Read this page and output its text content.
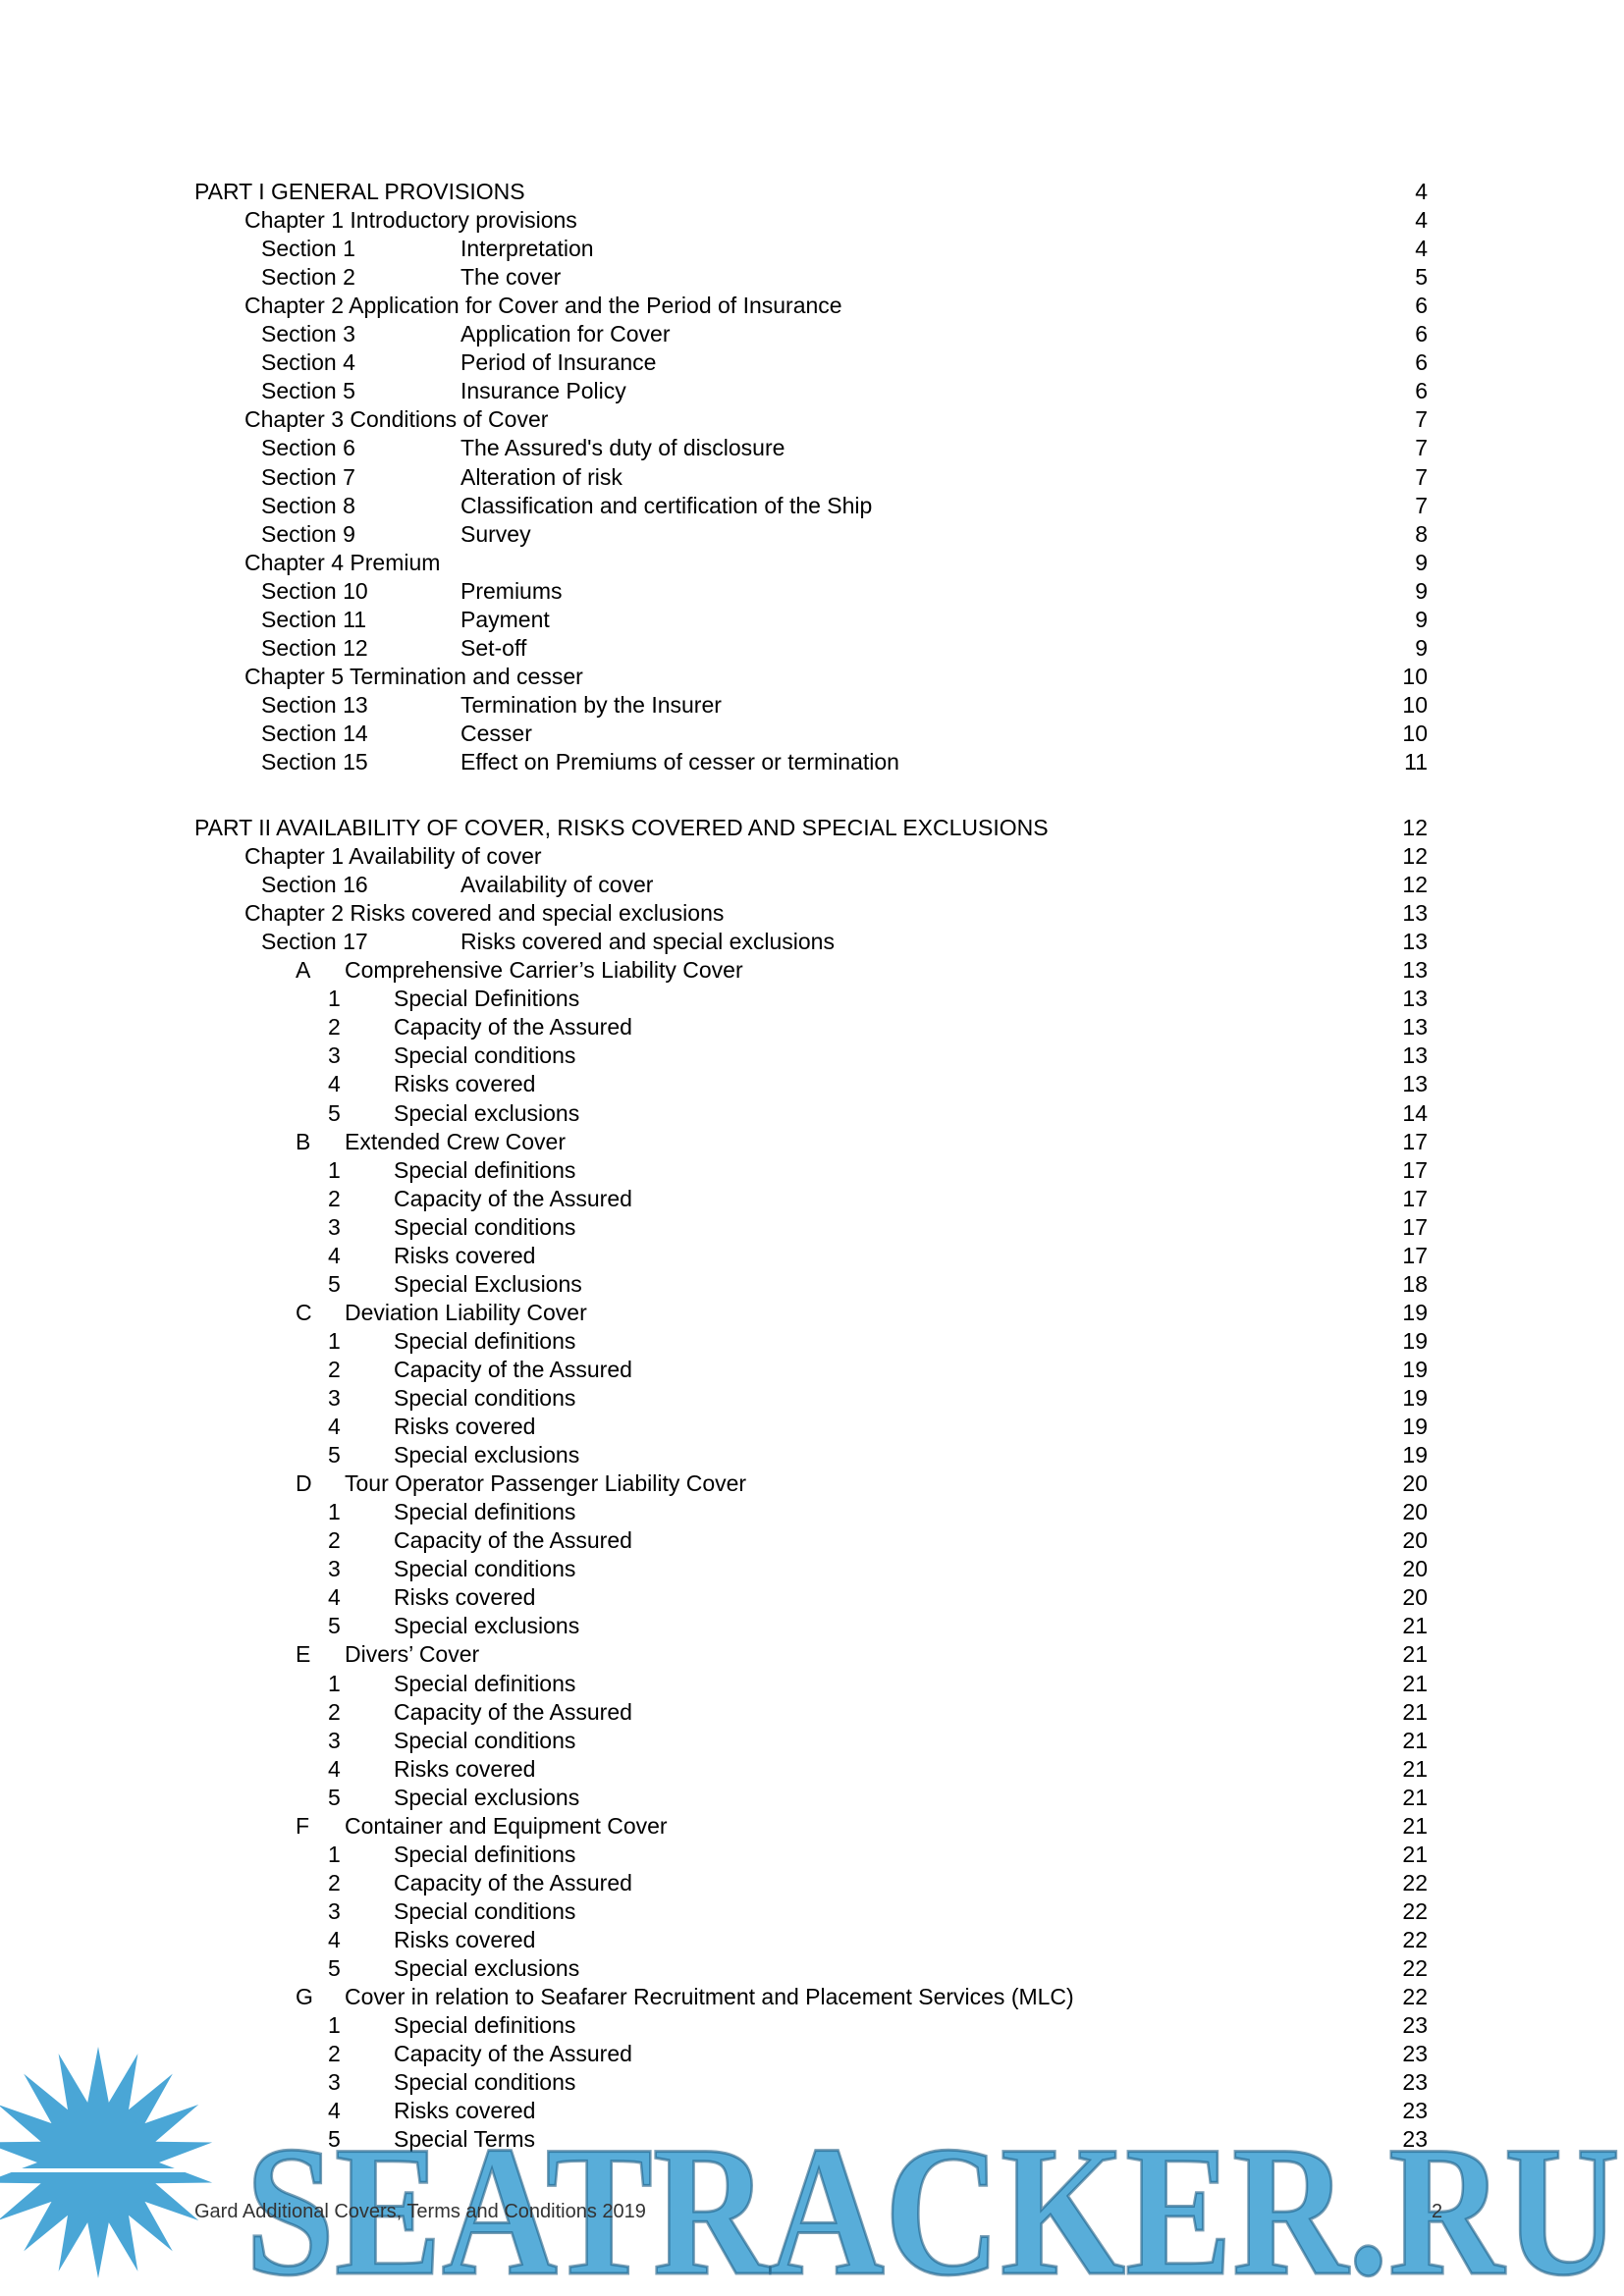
PART I GENERAL PROVISIONS	4
Chapter 1 Introductory provisions	4
Section 1	Interpretation	4
Section 2	The cover	5
Chapter 2 Application for Cover and the Period of Insurance	6
Section 3	Application for Cover	6
Section 4	Period of Insurance	6
Section 5	Insurance Policy	6
Chapter 3 Conditions of Cover	7
Section 6	The Assured's duty of disclosure	7
Section 7	Alteration of risk	7
Section 8	Classification and certification of the Ship	7
Section 9	Survey	8
Chapter 4 Premium	9
Section 10	Premiums	9
Section 11	Payment	9
Section 12	Set-off	9
Chapter 5 Termination and cesser	10
Section 13	Termination by the Insurer	10
Section 14	Cesser	10
Section 15	Effect on Premiums of cesser or termination	11
PART II AVAILABILITY OF COVER, RISKS COVERED AND SPECIAL EXCLUSIONS	12
Chapter 1 Availability of cover	12
Section 16	Availability of cover	12
Chapter 2 Risks covered and special exclusions	13
Section 17	Risks covered and special exclusions	13
A Comprehensive Carrier’s Liability Cover	13
1 Special Definitions	13
2 Capacity of the Assured	13
3 Special conditions	13
4 Risks covered	13
5 Special exclusions	14
B Extended Crew Cover	17
1 Special definitions	17
2 Capacity of the Assured	17
3 Special conditions	17
4 Risks covered	17
5 Special Exclusions	18
C Deviation Liability Cover	19
1 Special definitions	19
2 Capacity of the Assured	19
3 Special conditions	19
4 Risks covered	19
5 Special exclusions	19
D Tour Operator Passenger Liability Cover	20
1 Special definitions	20
2 Capacity of the Assured	20
3 Special conditions	20
4 Risks covered	20
5 Special exclusions	21
E Divers’ Cover	21
1 Special definitions	21
2 Capacity of the Assured	21
3 Special conditions	21
4 Risks covered	21
5 Special exclusions	21
F Container and Equipment Cover	21
1 Special definitions	21
2 Capacity of the Assured	22
3 Special conditions	22
4 Risks covered	22
5 Special exclusions	22
G Cover in relation to Seafarer Recruitment and Placement Services (MLC)	22
1 Special definitions	23
2 Capacity of the Assured	23
3 Special conditions	23
4 Risks covered	23
5 Special Terms	23
SEATRACKER.RU
Gard Additional Covers, Terms and Conditions 2019	2
